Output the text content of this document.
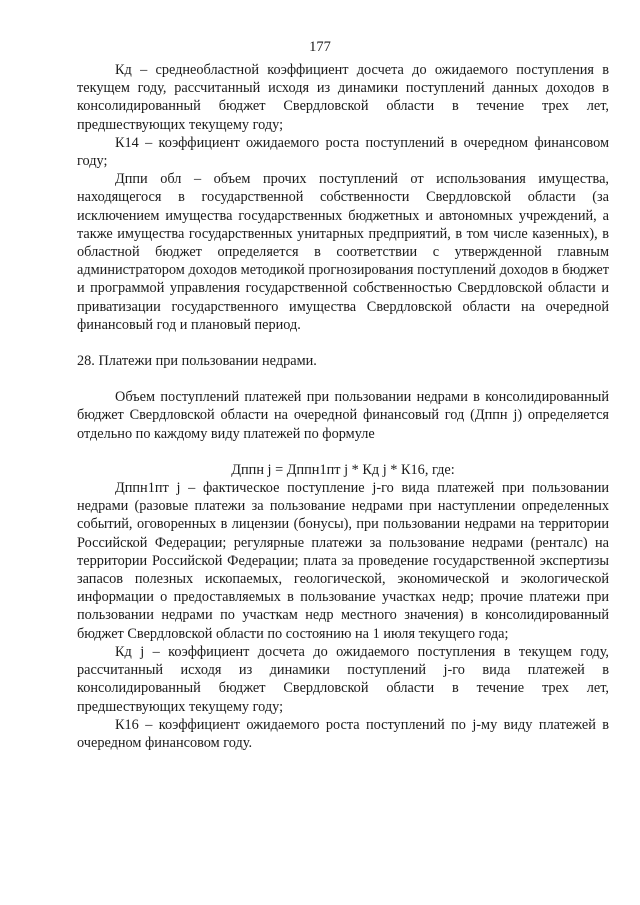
177

Кд – среднеобластной коэффициент досчета до ожидаемого поступления в текущем году, рассчитанный исходя из динамики поступлений данных доходов в консолидированный бюджет Свердловской области в течение трех лет, предшествующих текущему году;

К14 – коэффициент ожидаемого роста поступлений в очередном финансовом году;

Дппи обл – объем прочих поступлений от использования имущества, находящегося в государственной собственности Свердловской области (за исключением имущества государственных бюджетных и автономных учреждений, а также имущества государственных унитарных предприятий, в том числе казенных), в областной бюджет определяется в соответствии с утвержденной главным администратором доходов методикой прогнозирования поступлений доходов в бюджет и программой управления государственной собственностью Свердловской области и приватизации государственного имущества Свердловской области на очередной финансовый год и плановый период.

28. Платежи при пользовании недрами.

Объем поступлений платежей при пользовании недрами в консолидированный бюджет Свердловской области на очередной финансовый год (Дппн j) определяется отдельно по каждому виду платежей по формуле

Дппн j = Дппн1пт j * Кд j * К16, где:

Дппн1пт j – фактическое поступление j-го вида платежей при пользовании недрами (разовые платежи за пользование недрами при наступлении определенных событий, оговоренных в лицензии (бонусы), при пользовании недрами на территории Российской Федерации; регулярные платежи за пользование недрами (ренталс) на территории Российской Федерации; плата за проведение государственной экспертизы запасов полезных ископаемых, геологической, экономической и экологической информации о предоставляемых в пользование участках недр; прочие платежи при пользовании недрами по участкам недр местного значения) в консолидированный бюджет Свердловской области по состоянию на 1 июля текущего года;

Кд j – коэффициент досчета до ожидаемого поступления в текущем году, рассчитанный исходя из динамики поступлений j-го вида платежей в консолидированный бюджет Свердловской области в течение трех лет, предшествующих текущему году;

К16 – коэффициент ожидаемого роста поступлений по j-му виду платежей в очередном финансовом году.
